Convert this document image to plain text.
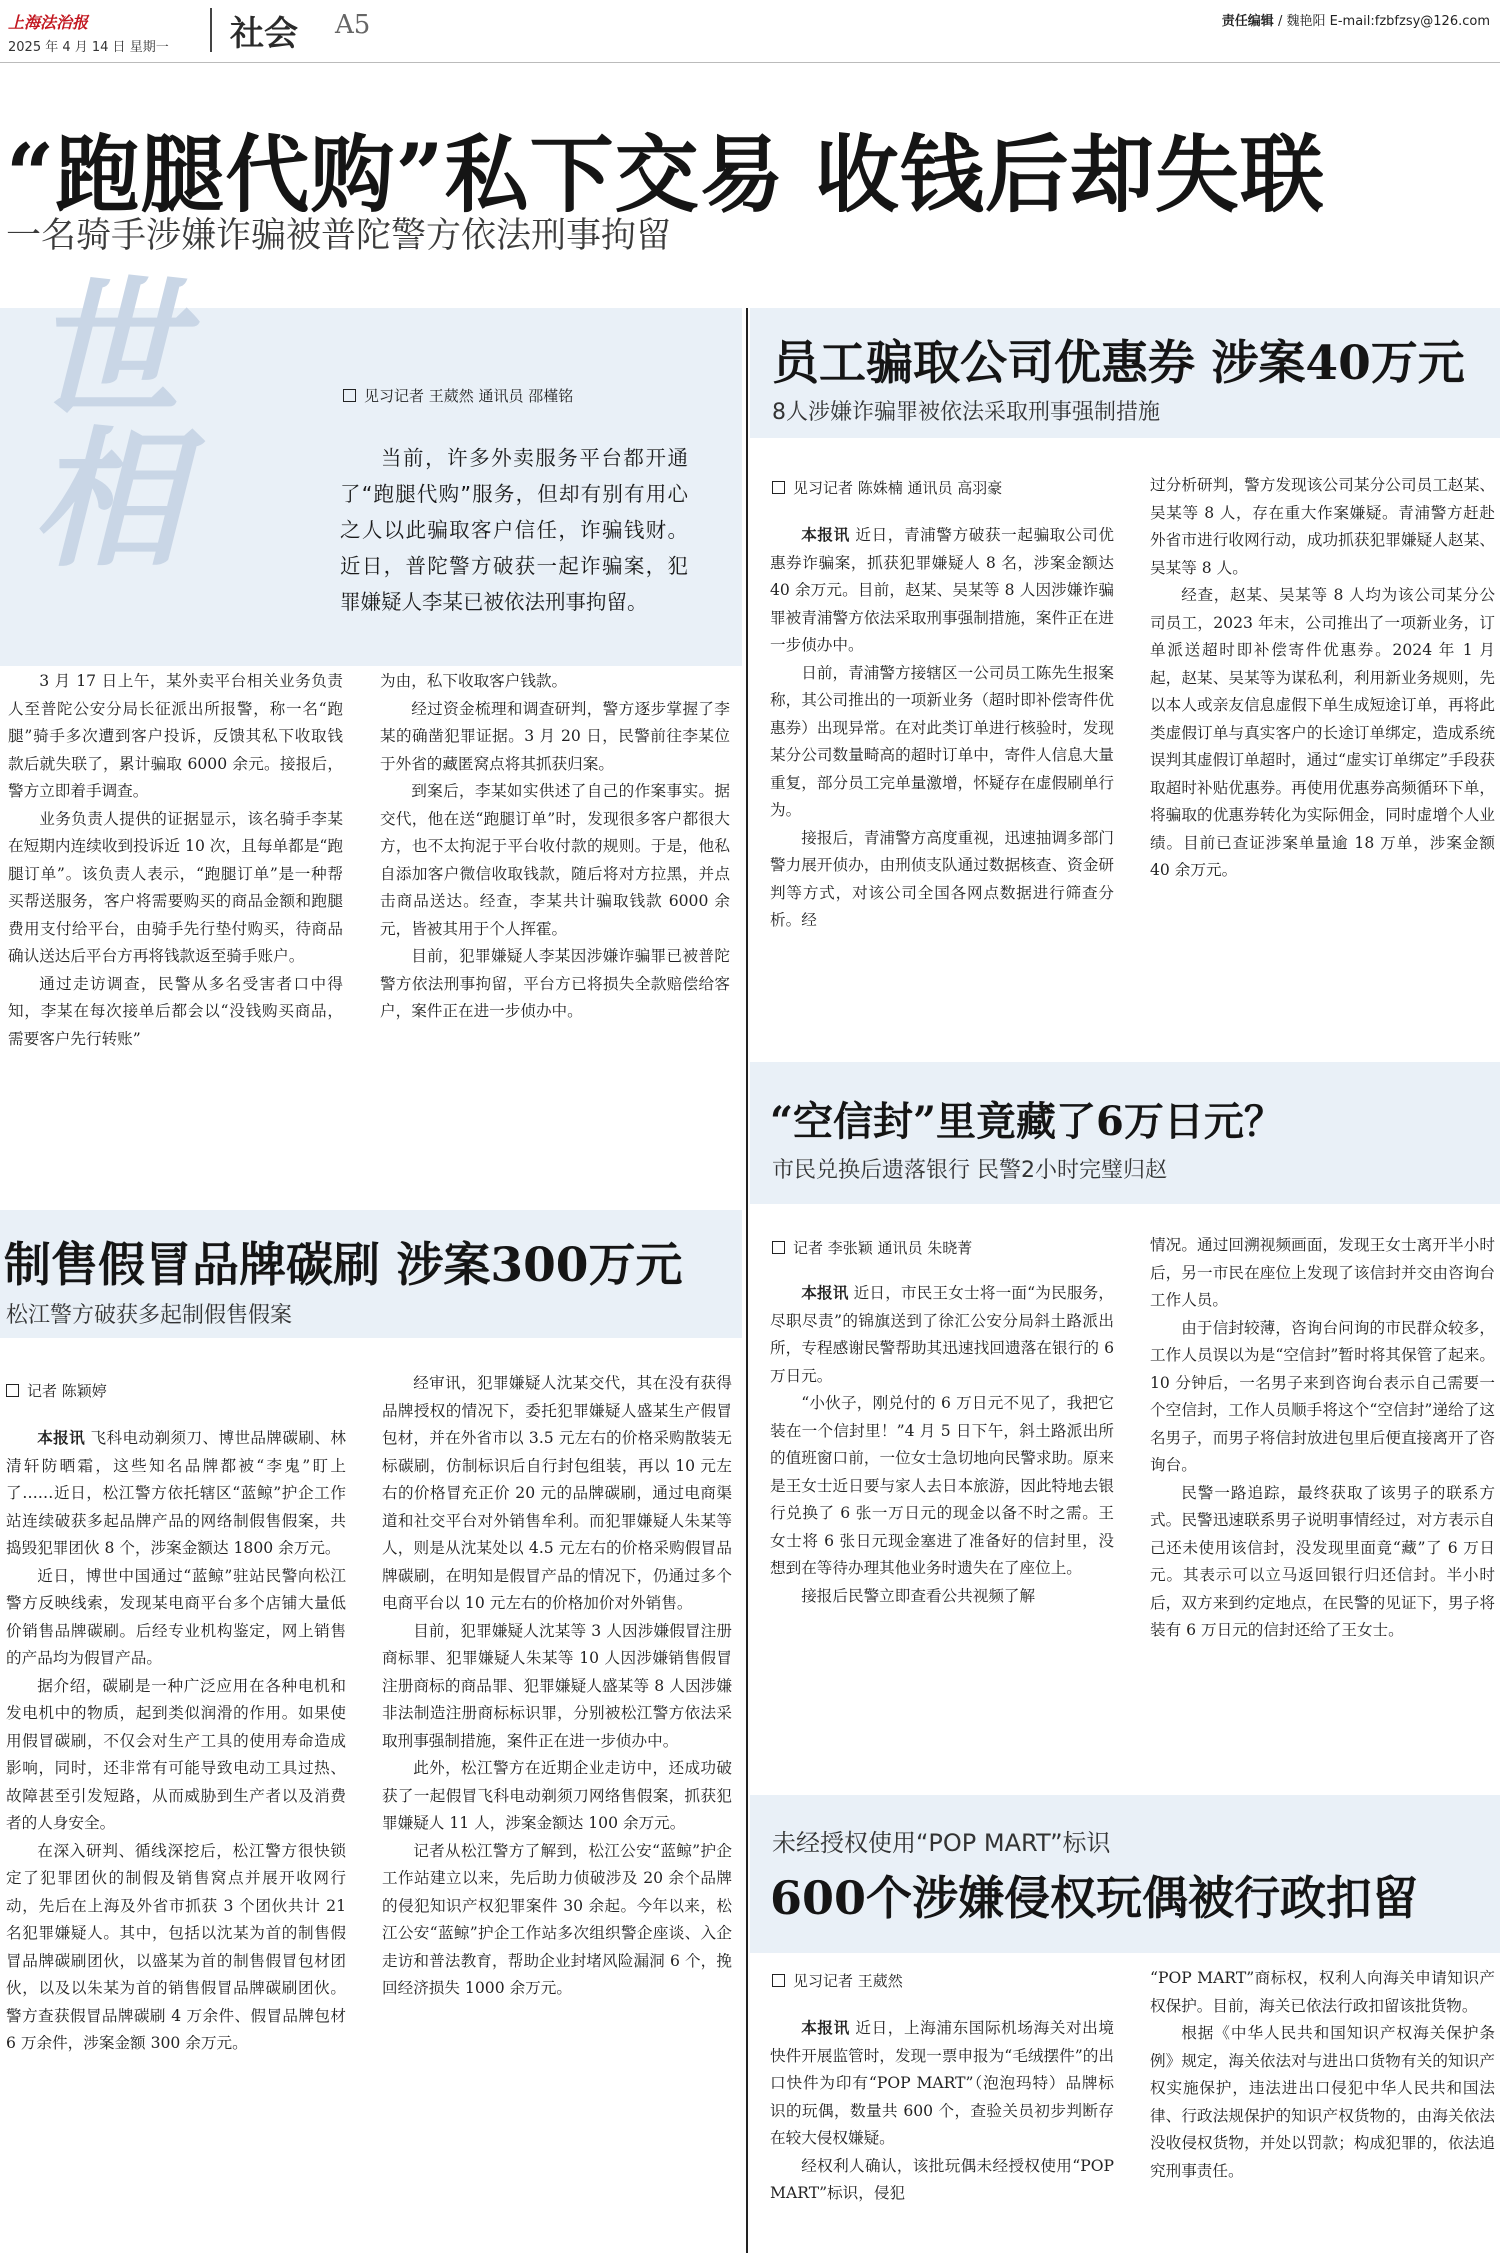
上海法治报
2025 年 4 月 14 日 星期一 社会 A5	责任编辑 / 魏艳阳 E-mail:fzbfzsy@126.com
“跑腿代购”私下交易 收钱后却失联
一名骑手涉嫌诈骗被普陀警方依法刑事拘留
世相	见习记者 王葳然 通讯员 邵槿铭
当前，许多外卖服务平台都开通了“跑腿代购”服务，但却有别有用心之人以此骗取客户信任，诈骗钱财。近日，普陀警方破获一起诈骗案，犯罪嫌疑人李某已被依法刑事拘留。

3 月 17 日上午，某外卖平台相关业务负责人至普陀公安分局长征派出所报警，称一名“跑腿”骑手多次遭到客户投诉，反馈其私下收取钱款后就失联了，累计骗取 6000 余元。接报后，警方立即着手调查。

业务负责人提供的证据显示，该名骑手李某在短期内连续收到投诉近 10 次，且每单都是“跑腿订单”。该负责人表示，“跑腿订单”是一种帮买帮送服务，客户将需要购买的商品金额和跑腿费用支付给平台，由骑手先行垫付购买，待商品确认送达后平台方再将钱款返至骑手账户。

通过走访调查，民警从多名受害者口中得知，李某在每次接单后都会以“没钱购买商品，需要客户先行转账”

为由，私下收取客户钱款。

经过资金梳理和调查研判，警方逐步掌握了李某的确凿犯罪证据。3 月 20 日，民警前往李某位于外省的藏匿窝点将其抓获归案。

到案后，李某如实供述了自己的作案事实。据交代，他在送“跑腿订单”时，发现很多客户都很大方，也不太拘泥于平台收付款的规则。于是，他私自添加客户微信收取钱款，随后将对方拉黑，并点击商品送达。经查，李某共计骗取钱款 6000 余元，皆被其用于个人挥霍。

目前，犯罪嫌疑人李某因涉嫌诈骗罪已被普陀警方依法刑事拘留，平台方已将损失全款赔偿给客户，案件正在进一步侦办中。

员工骗取公司优惠券 涉案40万元
8人涉嫌诈骗罪被依法采取刑事强制措施
见习记者 陈姝楠 通讯员 高羽豪

本报讯 近日，青浦警方破获一起骗取公司优惠券诈骗案，抓获犯罪嫌疑人 8 名，涉案金额达 40 余万元。目前，赵某、吴某等 8 人因涉嫌诈骗罪被青浦警方依法采取刑事强制措施，案件正在进一步侦办中。

日前，青浦警方接辖区一公司员工陈先生报案称，其公司推出的一项新业务（超时即补偿寄件优惠券）出现异常。在对此类订单进行核验时，发现某分公司数量畸高的超时订单中，寄件人信息大量重复，部分员工完单量激增，怀疑存在虚假刷单行为。

接报后，青浦警方高度重视，迅速抽调多部门警力展开侦办，由刑侦支队通过数据核查、资金研判等方式，对该公司全国各网点数据进行筛查分析。经

过分析研判，警方发现该公司某分公司员工赵某、吴某等 8 人，存在重大作案嫌疑。青浦警方赶赴外省市进行收网行动，成功抓获犯罪嫌疑人赵某、吴某等 8 人。

经查，赵某、吴某等 8 人均为该公司某分公司员工，2023 年末，公司推出了一项新业务，订单派送超时即补偿寄件优惠券。2024 年 1 月起，赵某、吴某等为谋私利，利用新业务规则，先以本人或亲友信息虚假下单生成短途订单，再将此类虚假订单与真实客户的长途订单绑定，造成系统误判其虚假订单超时，通过“虚实订单绑定”手段获取超时补贴优惠券。再使用优惠券高频循环下单，将骗取的优惠券转化为实际佣金，同时虚增个人业绩。目前已查证涉案单量逾 18 万单，涉案金额 40 余万元。

“空信封”里竟藏了6万日元？
市民兑换后遗落银行 民警2小时完璧归赵
记者 李张颖 通讯员 朱晓菁

本报讯 近日，市民王女士将一面“为民服务，尽职尽责”的锦旗送到了徐汇公安分局斜土路派出所，专程感谢民警帮助其迅速找回遗落在银行的 6 万日元。

“小伙子，刚兑付的 6 万日元不见了，我把它装在一个信封里！”4 月 5 日下午，斜土路派出所的值班窗口前，一位女士急切地向民警求助。原来是王女士近日要与家人去日本旅游，因此特地去银行兑换了 6 张一万日元的现金以备不时之需。王女士将 6 张日元现金塞进了准备好的信封里，没想到在等待办理其他业务时遗失在了座位上。

接报后民警立即查看公共视频了解

情况。通过回溯视频画面，发现王女士离开半小时后，另一市民在座位上发现了该信封并交由咨询台工作人员。

由于信封较薄，咨询台问询的市民群众较多，工作人员误以为是“空信封”暂时将其保管了起来。10 分钟后，一名男子来到咨询台表示自己需要一个空信封，工作人员顺手将这个“空信封”递给了这名男子，而男子将信封放进包里后便直接离开了咨询台。

民警一路追踪，最终获取了该男子的联系方式。民警迅速联系男子说明事情经过，对方表示自己还未使用该信封，没发现里面竟“藏”了 6 万日元。其表示可以立马返回银行归还信封。半小时后，双方来到约定地点，在民警的见证下，男子将装有 6 万日元的信封还给了王女士。

未经授权使用“POP MART”标识
600个涉嫌侵权玩偶被行政扣留
见习记者 王葳然

本报讯 近日，上海浦东国际机场海关对出境快件开展监管时，发现一票申报为“毛绒摆件”的出口快件为印有“POP MART”（泡泡玛特）品牌标识的玩偶，数量共 600 个，查验关员初步判断存在较大侵权嫌疑。

经权利人确认，该批玩偶未经授权使用“POP MART”标识，侵犯

“POP MART”商标权，权利人向海关申请知识产权保护。目前，海关已依法行政扣留该批货物。

根据《中华人民共和国知识产权海关保护条例》规定，海关依法对与进出口货物有关的知识产权实施保护，违法进出口侵犯中华人民共和国法律、行政法规保护的知识产权货物的，由海关依法没收侵权货物，并处以罚款；构成犯罪的，依法追究刑事责任。

制售假冒品牌碳刷 涉案300万元
松江警方破获多起制假售假案
记者 陈颖婷

本报讯 飞科电动剃须刀、博世品牌碳刷、林清轩防晒霜，这些知名品牌都被“李鬼”盯上了……近日，松江警方依托辖区“蓝鲸”护企工作站连续破获多起品牌产品的网络制假售假案，共捣毁犯罪团伙 8 个，涉案金额达 1800 余万元。

近日，博世中国通过“蓝鲸”驻站民警向松江警方反映线索，发现某电商平台多个店铺大量低价销售品牌碳刷。后经专业机构鉴定，网上销售的产品均为假冒产品。

据介绍，碳刷是一种广泛应用在各种电机和发电机中的物质，起到类似润滑的作用。如果使用假冒碳刷，不仅会对生产工具的使用寿命造成影响，同时，还非常有可能导致电动工具过热、故障甚至引发短路，从而威胁到生产者以及消费者的人身安全。

在深入研判、循线深挖后，松江警方很快锁定了犯罪团伙的制假及销售窝点并展开收网行动，先后在上海及外省市抓获 3 个团伙共计 21 名犯罪嫌疑人。其中，包括以沈某为首的制售假冒品牌碳刷团伙，以盛某为首的制售假冒包材团伙，以及以朱某为首的销售假冒品牌碳刷团伙。警方查获假冒品牌碳刷 4 万余件、假冒品牌包材 6 万余件，涉案金额 300 余万元。

经审讯，犯罪嫌疑人沈某交代，其在没有获得品牌授权的情况下，委托犯罪嫌疑人盛某生产假冒包材，并在外省市以 3.5 元左右的价格采购散装无标碳刷，仿制标识后自行封包组装，再以 10 元左右的价格冒充正价 20 元的品牌碳刷，通过电商渠道和社交平台对外销售牟利。而犯罪嫌疑人朱某等人，则是从沈某处以 4.5 元左右的价格采购假冒品牌碳刷，在明知是假冒产品的情况下，仍通过多个电商平台以 10 元左右的价格加价对外销售。

目前，犯罪嫌疑人沈某等 3 人因涉嫌假冒注册商标罪、犯罪嫌疑人朱某等 10 人因涉嫌销售假冒注册商标的商品罪、犯罪嫌疑人盛某等 8 人因涉嫌非法制造注册商标标识罪，分别被松江警方依法采取刑事强制措施，案件正在进一步侦办中。

此外，松江警方在近期企业走访中，还成功破获了一起假冒飞科电动剃须刀网络售假案，抓获犯罪嫌疑人 11 人，涉案金额达 100 余万元。

记者从松江警方了解到，松江公安“蓝鲸”护企工作站建立以来，先后助力侦破涉及 20 余个品牌的侵犯知识产权犯罪案件 30 余起。今年以来，松江公安“蓝鲸”护企工作站多次组织警企座谈、入企走访和普法教育，帮助企业封堵风险漏洞 6 个，挽回经济损失 1000 余万元。
